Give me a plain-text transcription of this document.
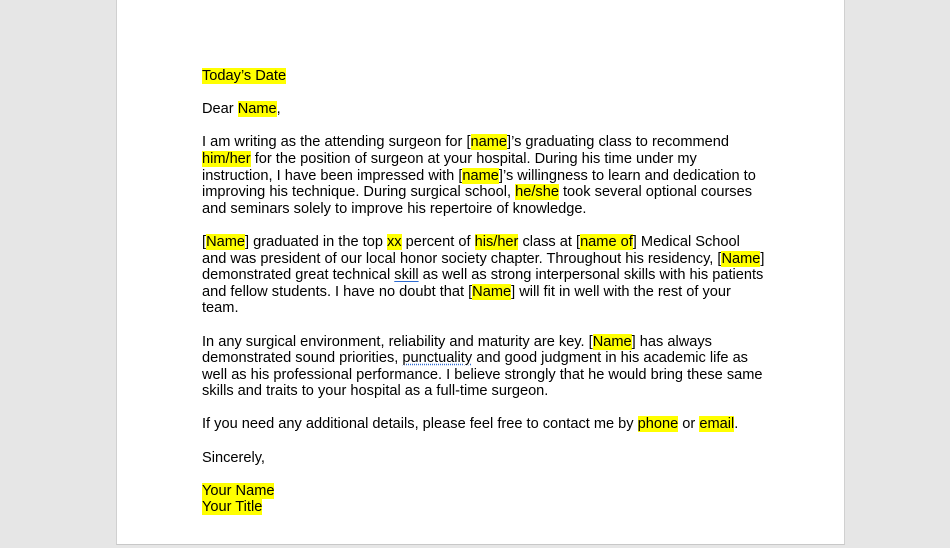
Today’s Date

Dear Name,

I am writing as the attending surgeon for [name]’s graduating class to recommend him/her for the position of surgeon at your hospital. During his time under my instruction, I have been impressed with [name]’s willingness to learn and dedication to improving his technique. During surgical school, he/she took several optional courses and seminars solely to improve his repertoire of knowledge.

[Name] graduated in the top xx percent of his/her class at [name of] Medical School and was president of our local honor society chapter. Throughout his residency, [Name] demonstrated great technical skill as well as strong interpersonal skills with his patients and fellow students. I have no doubt that [Name] will fit in well with the rest of your team.

In any surgical environment, reliability and maturity are key. [Name] has always demonstrated sound priorities, punctuality and good judgment in his academic life as well as his professional performance. I believe strongly that he would bring these same skills and traits to your hospital as a full-time surgeon.

If you need any additional details, please feel free to contact me by phone or email.

Sincerely,

Your Name
Your Title
